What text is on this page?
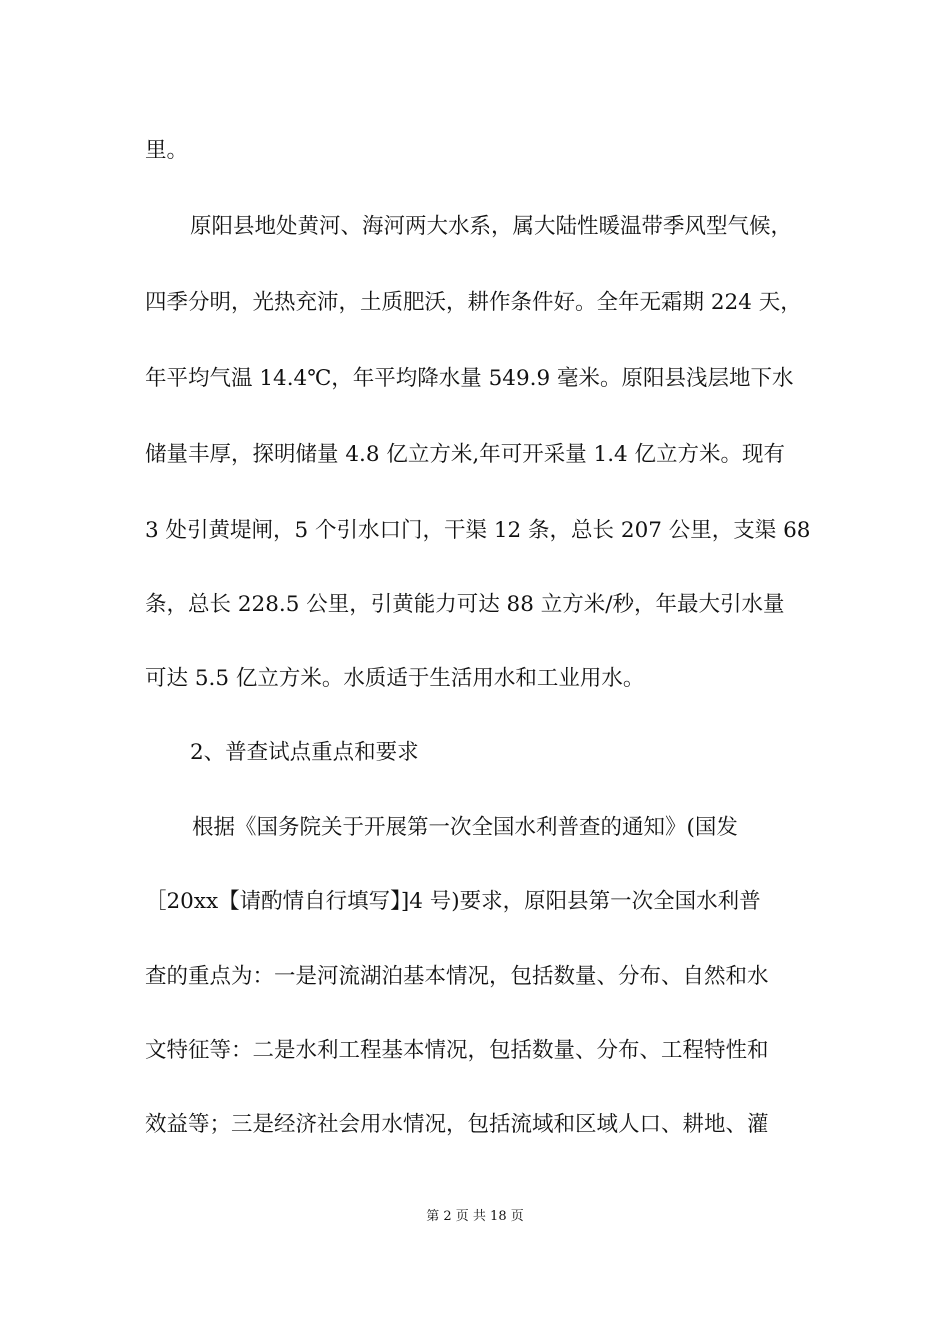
里。
原阳县地处黄河、海河两大水系，属大陆性暖温带季风型气候，
四季分明，光热充沛，土质肥沃，耕作条件好。全年无霜期 224 天，
年平均气温 14.4℃，年平均降水量 549.9 毫米。原阳县浅层地下水
储量丰厚，探明储量 4.8 亿立方米,年可开采量 1.4 亿立方米。现有
3 处引黄堤闸，5 个引水口门，干渠 12 条，总长 207 公里，支渠 68
条，总长 228.5 公里，引黄能力可达 88 立方米/秒，年最大引水量
可达 5.5 亿立方米。水质适于生活用水和工业用水。
2、普查试点重点和要求
根据《国务院关于开展第一次全国水利普查的通知》(国发
［20xx【请酌情自行填写】]4 号)要求，原阳县第一次全国水利普
查的重点为：一是河流湖泊基本情况，包括数量、分布、自然和水
文特征等：二是水利工程基本情况，包括数量、分布、工程特性和
效益等；三是经济社会用水情况，包括流域和区域人口、耕地、灌
第 2 页 共 18 页
